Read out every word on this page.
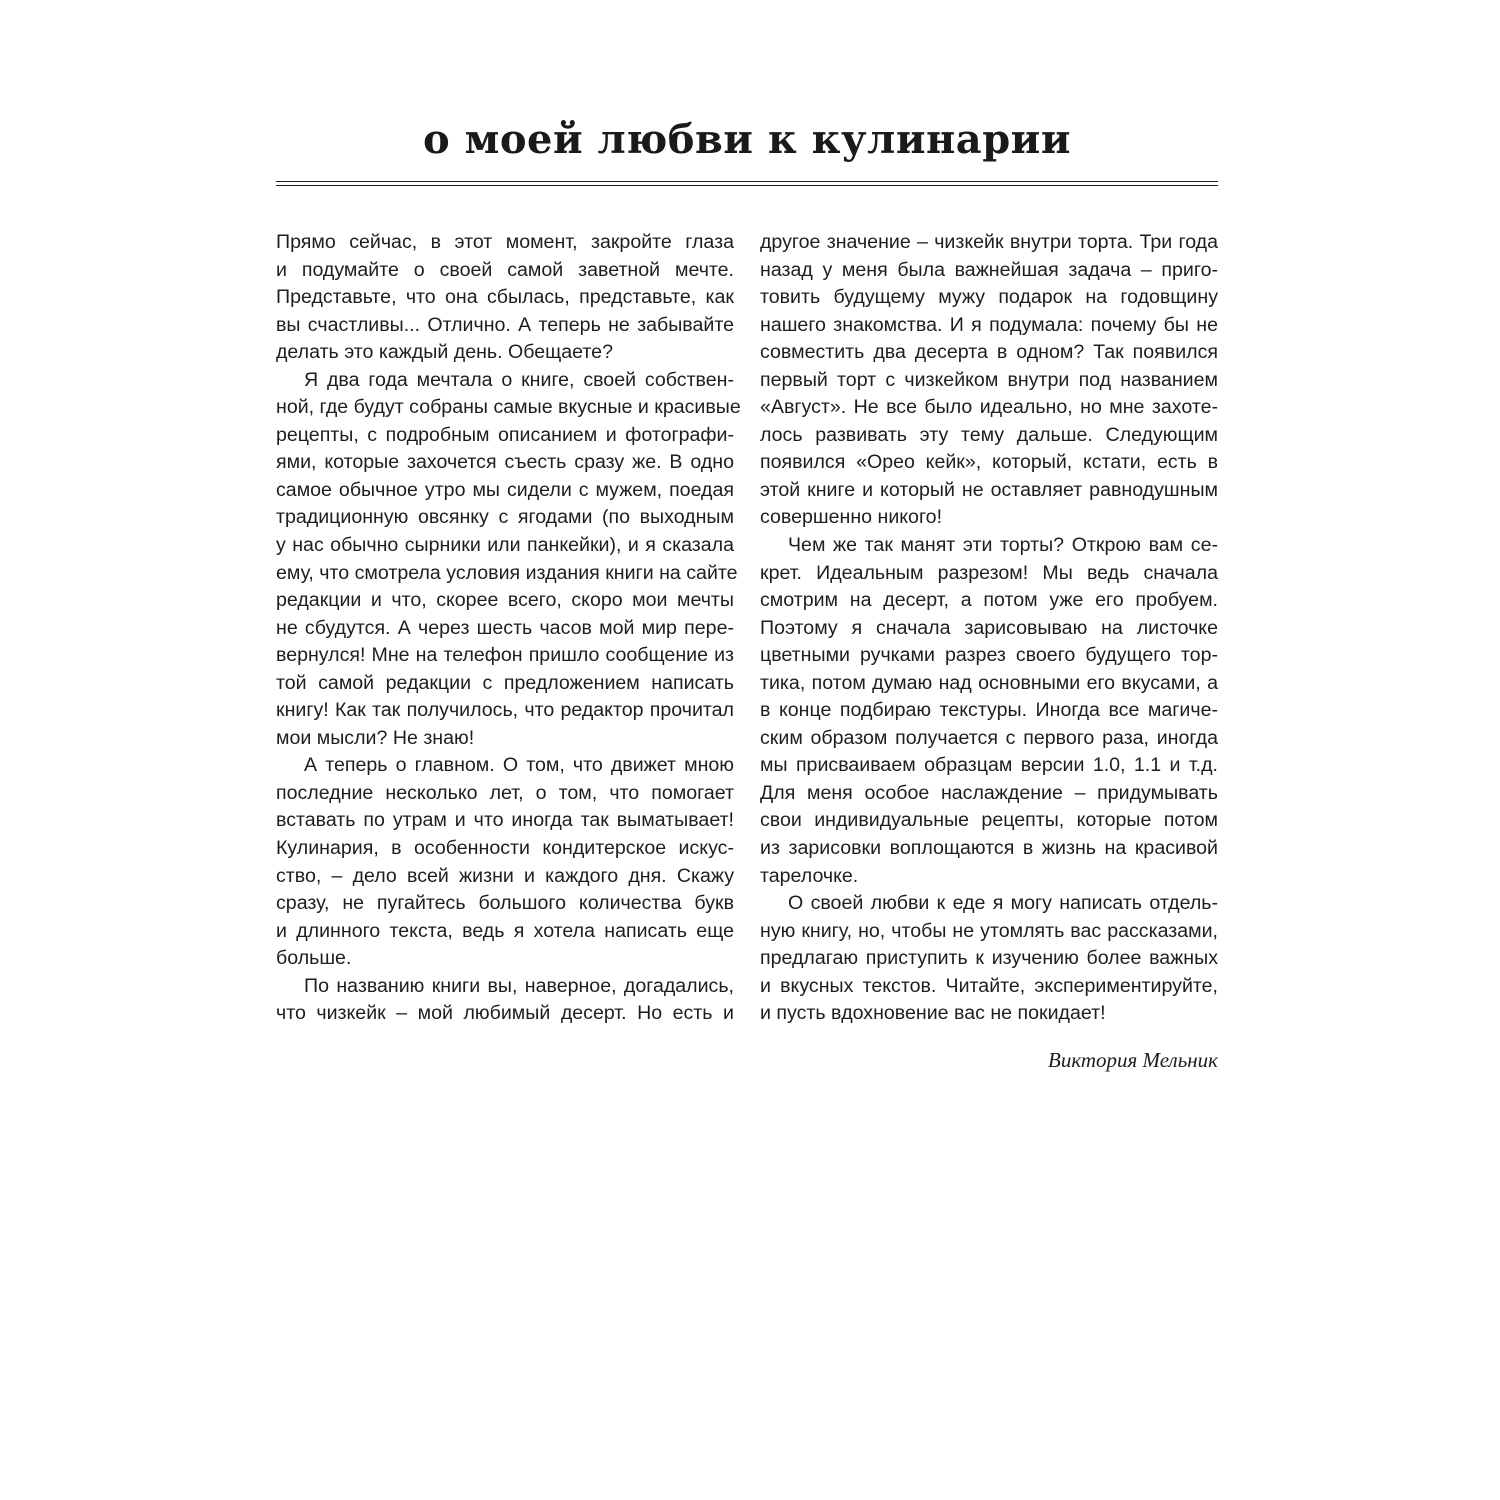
о моей любви к кулинарии
Прямо сейчас, в этот момент, закройте глаза
и подумайте о своей самой заветной мечте.
Представьте, что она сбылась, представьте, как
вы счастливы... Отлично. А теперь не забывайте
делать это каждый день. Обещаете?
Я два года мечтала о книге, своей собствен-
ной, где будут собраны самые вкусные и красивые
рецепты, с подробным описанием и фотографи-
ями, которые захочется съесть сразу же. В одно
самое обычное утро мы сидели с мужем, поедая
традиционную овсянку с ягодами (по выходным
у нас обычно сырники или панкейки), и я сказала
ему, что смотрела условия издания книги на сайте
редакции и что, скорее всего, скоро мои мечты
не сбудутся. А через шесть часов мой мир пере-
вернулся! Мне на телефон пришло сообщение из
той самой редакции с предложением написать
книгу! Как так получилось, что редактор прочитал
мои мысли? Не знаю!
А теперь о главном. О том, что движет мною
последние несколько лет, о том, что помогает
вставать по утрам и что иногда так выматывает!
Кулинария, в особенности кондитерское искус-
ство, – дело всей жизни и каждого дня. Скажу
сразу, не пугайтесь большого количества букв
и длинного текста, ведь я хотела написать еще
больше.
По названию книги вы, наверное, догадались,
что чизкейк – мой любимый десерт. Но есть и
другое значение – чизкейк внутри торта. Три года
назад у меня была важнейшая задача – приго-
товить будущему мужу подарок на годовщину
нашего знакомства. И я подумала: почему бы не
совместить два десерта в одном? Так появился
первый торт с чизкейком внутри под названием
«Август». Не все было идеально, но мне захоте-
лось развивать эту тему дальше. Следующим
появился «Орео кейк», который, кстати, есть в
этой книге и который не оставляет равнодушным
совершенно никого!
Чем же так манят эти торты? Открою вам се-
крет. Идеальным разрезом! Мы ведь сначала
смотрим на десерт, а потом уже его пробуем.
Поэтому я сначала зарисовываю на листочке
цветными ручками разрез своего будущего тор-
тика, потом думаю над основными его вкусами, а
в конце подбираю текстуры. Иногда все магиче-
ским образом получается с первого раза, иногда
мы присваиваем образцам версии 1.0, 1.1 и т.д.
Для меня особое наслаждение – придумывать
свои индивидуальные рецепты, которые потом
из зарисовки воплощаются в жизнь на красивой
тарелочке.
О своей любви к еде я могу написать отдель-
ную книгу, но, чтобы не утомлять вас рассказами,
предлагаю приступить к изучению более важных
и вкусных текстов. Читайте, экспериментируйте,
и пусть вдохновение вас не покидает!
Виктория Мельник
